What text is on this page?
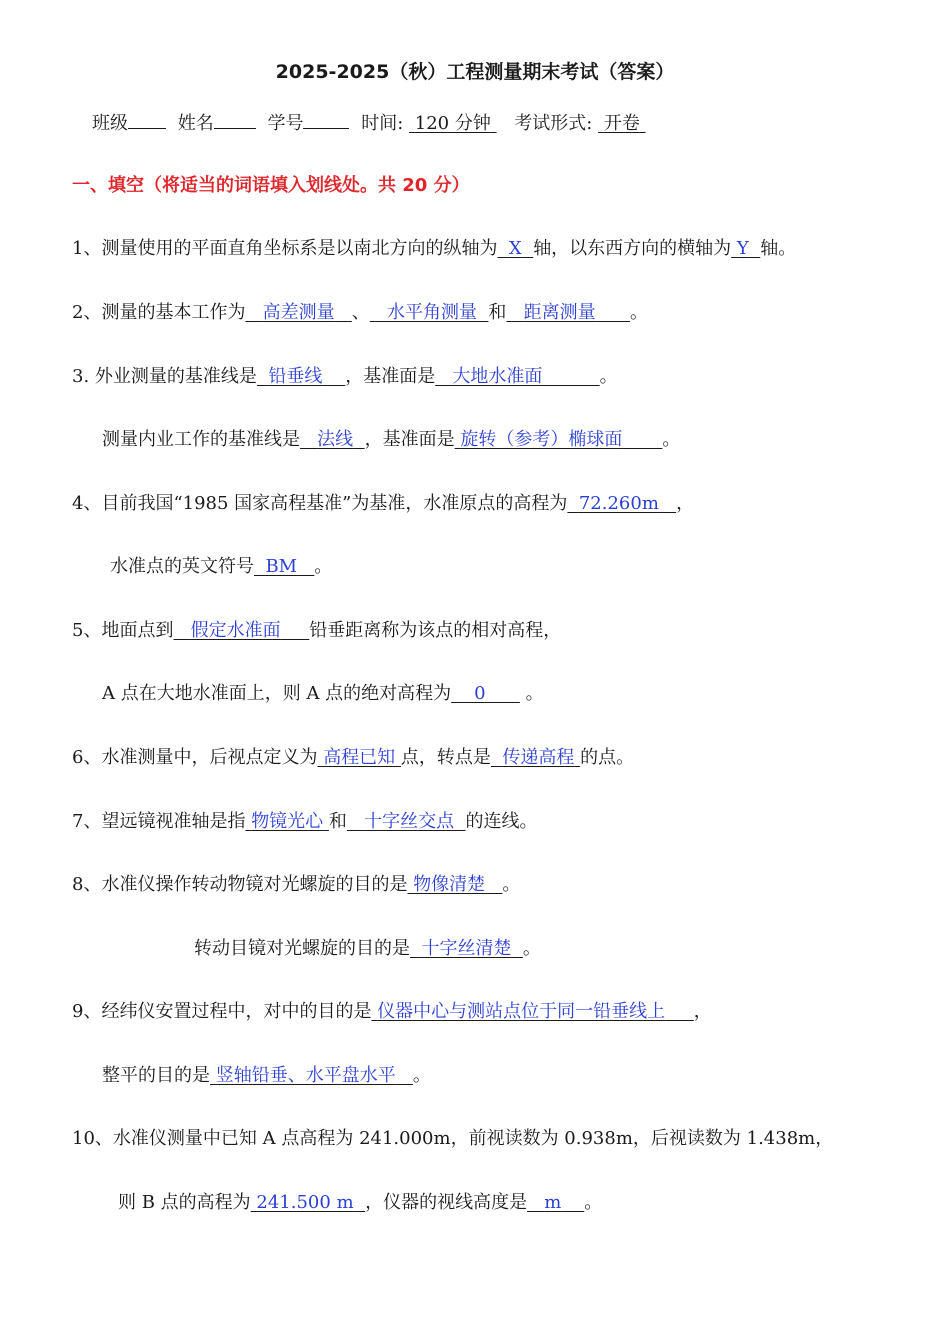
2025-2025（秋）工程测量期末考试（答案）
班级	姓名	学号	时间: 120 分钟 考试形式: 开卷
一、填空（将适当的词语填入划线处。共 20 分）
1、测量使用的平面直角坐标系是以南北方向的纵轴为 X 轴，以东西方向的横轴为 Y 轴。
2、测量的基本工作为 高差测量 、 水平角测量 和 距离测量 。
3. 外业测量的基准线是 铅垂线 ，基准面是 大地水准面	。
测量内业工作的基准线是 法线 ，基准面是 旋转（参考）椭球面 。
4、目前我国“1985 国家高程基准”为基准，水准原点的高程为 72.260m ，
水准点的英文符号 BM 。
5、地面点到 假定水准面 铅垂距离称为该点的相对高程，
A 点在大地水准面上，则 A 点的绝对高程为 0 。
6、水准测量中，后视点定义为 高程已知 点，转点是 传递高程 的点。
7、望远镜视准轴是指 物镜光心 和 十字丝交点 的连线。
8、水准仪操作转动物镜对光螺旋的目的是 物像清楚 。
转动目镜对光螺旋的目的是 十字丝清楚 。
9、经纬仪安置过程中，对中的目的是 仪器中心与测站点位于同一铅垂线上 ，
整平的目的是 竖轴铅垂、水平盘水平 。
10、水准仪测量中已知 A 点高程为 241.000m，前视读数为 0.938m，后视读数为 1.438m，
则 B 点的高程为 241.500 m ，仪器的视线高度是 m 。
